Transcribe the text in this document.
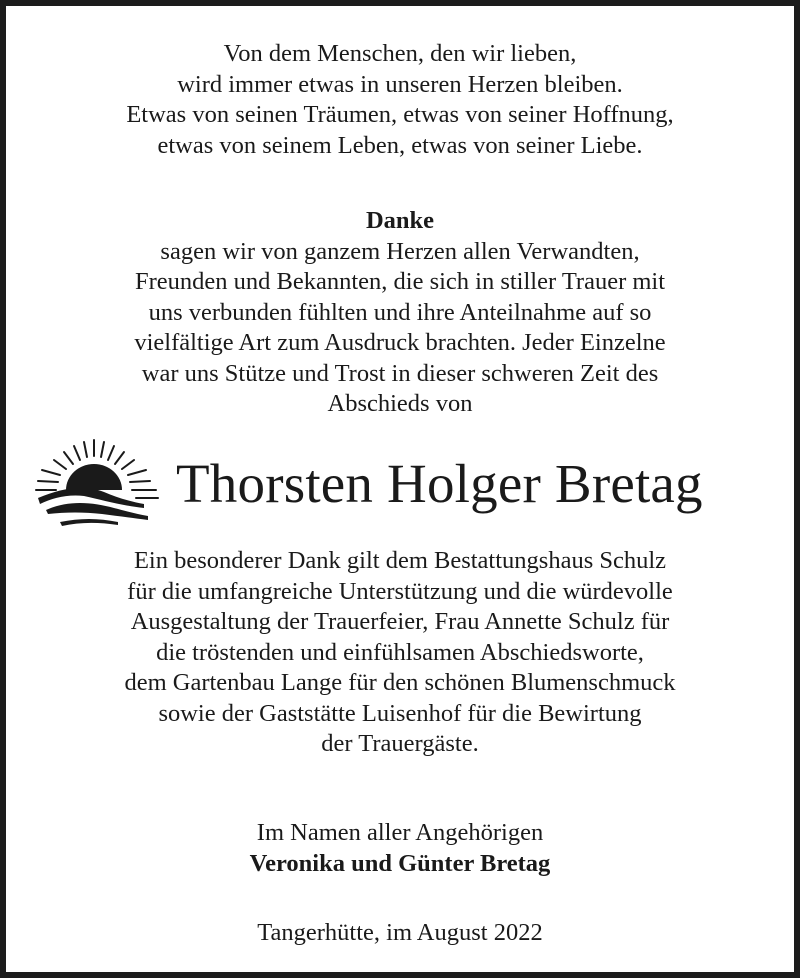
Von dem Menschen, den wir lieben,
wird immer etwas in unseren Herzen bleiben.
Etwas von seinen Träumen, etwas von seiner Hoffnung,
etwas von seinem Leben, etwas von seiner Liebe.
Danke
sagen wir von ganzem Herzen allen Verwandten,
Freunden und Bekannten, die sich in stiller Trauer mit
uns verbunden fühlten und ihre Anteilnahme auf so
vielfältige Art zum Ausdruck brachten. Jeder Einzelne
war uns Stütze und Trost in dieser schweren Zeit des
Abschieds von
Thorsten Holger Bretag
Ein besonderer Dank gilt dem Bestattungshaus Schulz
für die umfangreiche Unterstützung und die würdevolle
Ausgestaltung der Trauerfeier, Frau Annette Schulz für
die tröstenden und einfühlsamen Abschiedsworte,
dem Gartenbau Lange für den schönen Blumenschmuck
sowie der Gaststätte Luisenhof für die Bewirtung
der Trauergäste.
Im Namen aller Angehörigen
Veronika und Günter Bretag
Tangerhütte, im August 2022
